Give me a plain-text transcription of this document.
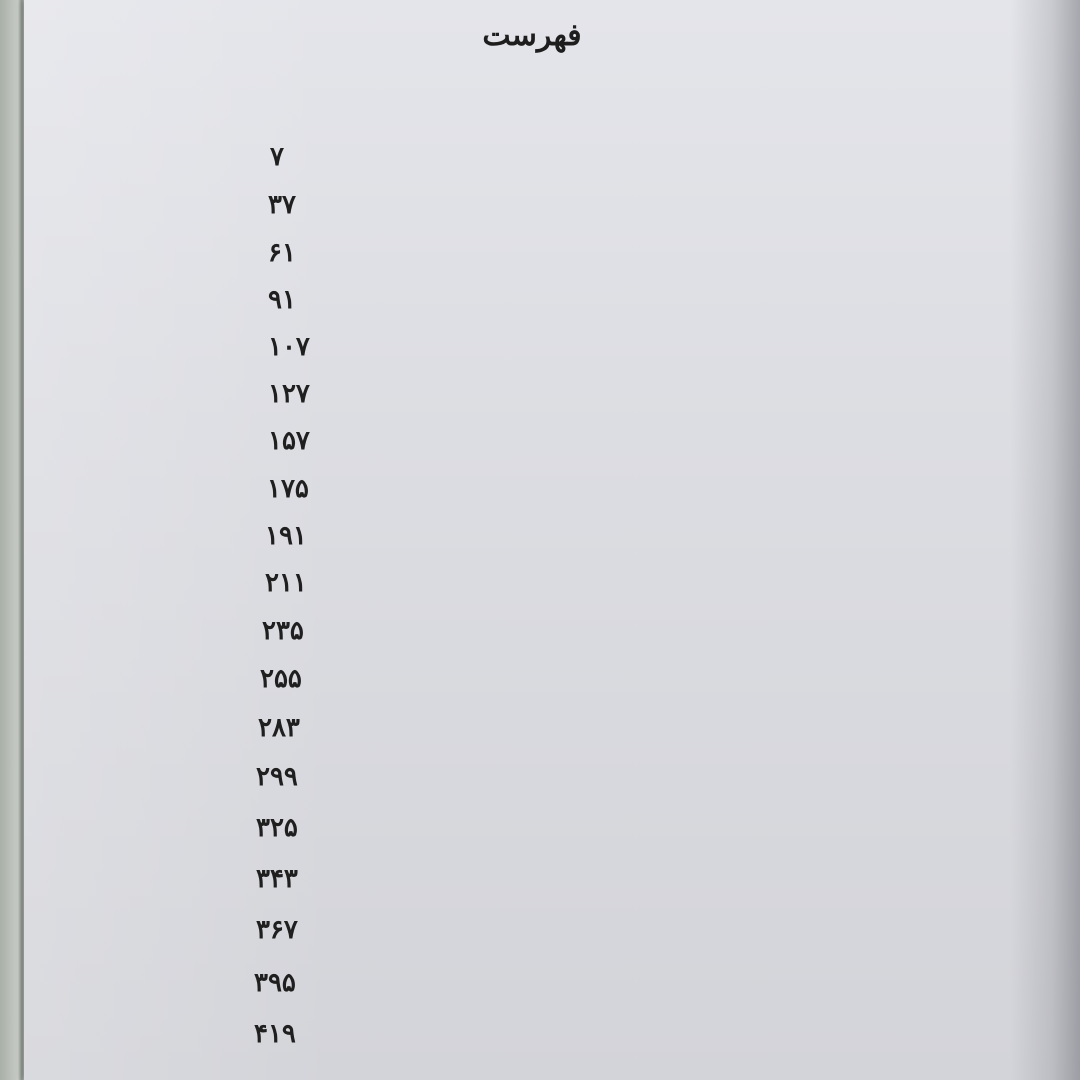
فهرست
۷
۳۷
۶۱
۹۱
۱۰۷
۱۲۷
۱۵۷
۱۷۵
۱۹۱
۲۱۱
۲۳۵
۲۵۵
۲۸۳
۲۹۹
۳۲۵
۳۴۳
۳۶۷
۳۹۵
۴۱۹
